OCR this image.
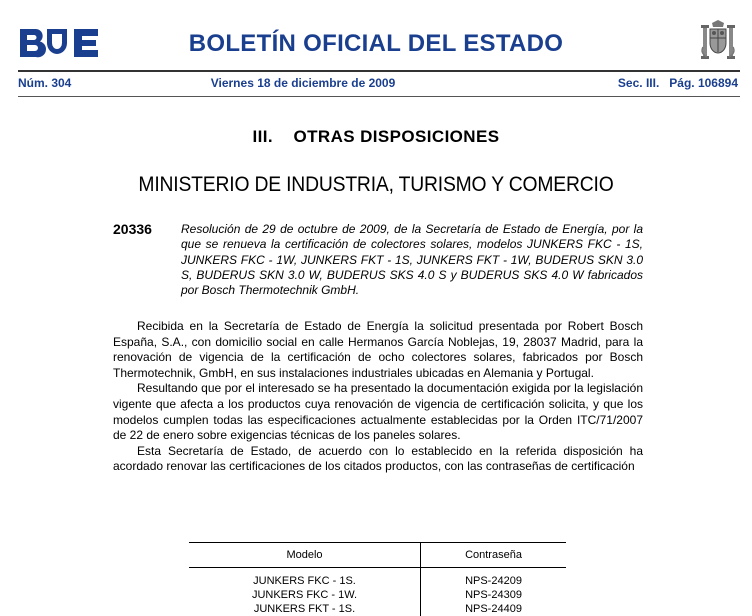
BOLETÍN OFICIAL DEL ESTADO
Núm. 304	Viernes 18 de diciembre de 2009	Sec. III.   Pág. 106894
III.    OTRAS DISPOSICIONES
MINISTERIO DE INDUSTRIA, TURISMO Y COMERCIO
20336 Resolución de 29 de octubre de 2009, de la Secretaría de Estado de Energía, por la que se renueva la certificación de colectores solares, modelos JUNKERS FKC - 1S, JUNKERS FKC - 1W, JUNKERS FKT - 1S, JUNKERS FKT - 1W, BUDERUS SKN 3.0 S, BUDERUS SKN 3.0 W, BUDERUS SKS 4.0 S y BUDERUS SKS 4.0 W fabricados por Bosch Thermotechnik GmbH.

Recibida en la Secretaría de Estado de Energía la solicitud presentada por Robert Bosch España, S.A., con domicilio social en calle Hermanos García Noblejas, 19, 28037 Madrid, para la renovación de vigencia de la certificación de ocho colectores solares, fabricados por Bosch Thermotechnik, GmbH, en sus instalaciones industriales ubicadas en Alemania y Portugal.

Resultando que por el interesado se ha presentado la documentación exigida por la legislación vigente que afecta a los productos cuya renovación de vigencia de certificación solicita, y que los modelos cumplen todas las especificaciones actualmente establecidas por la Orden ITC/71/2007 de 22 de enero sobre exigencias técnicas de los paneles solares.

Esta Secretaría de Estado, de acuerdo con lo establecido en la referida disposición ha acordado renovar las certificaciones de los citados productos, con las contraseñas de certificación

Modelo	Contraseña
JUNKERS FKC - 1S.	NPS-24209
JUNKERS FKC - 1W.	NPS-24309
JUNKERS FKT - 1S.	NPS-24409
